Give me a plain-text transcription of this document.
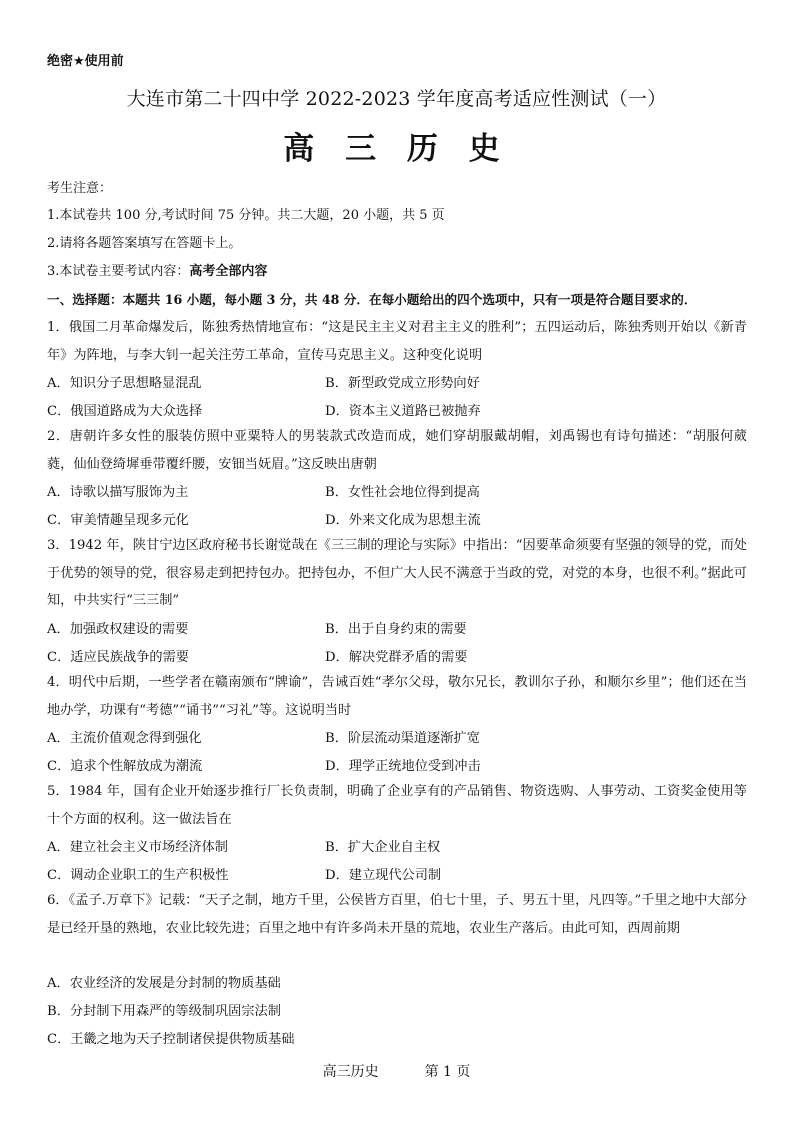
绝密★使用前
大连市第二十四中学 2022-2023 学年度高考适应性测试（一）
高 三 历 史
考生注意：
1.本试卷共 100 分,考试时间 75 分钟。共二大题，20 小题，共 5 页
2.请将各题答案填写在答题卡上。
3.本试卷主要考试内容：高考全部内容
一、选择题：本题共 16 小题，每小题 3 分，共 48 分．在每小题给出的四个选项中，只有一项是符合题目要求的．
1．俄国二月革命爆发后，陈独秀热情地宣布：“这是民主主义对君主主义的胜利”；五四运动后，陈独秀则开始以《新青年》为阵地，与李大钊一起关注劳工革命，宣传马克思主义。这种变化说明
A．知识分子思想略显混乱	B．新型政党成立形势向好
C．俄国道路成为大众选择	D．资本主义道路已被抛弃
2．唐朝许多女性的服装仿照中亚粟特人的男装款式改造而成，她们穿胡服戴胡帽，刘禹锡也有诗句描述：“胡服何葳蕤，仙仙登绮墀垂带覆纤腰，安钿当妩眉。”这反映出唐朝
A．诗歌以描写服饰为主	B．女性社会地位得到提高
C．审美情趣呈现多元化	D．外来文化成为思想主流
3．1942 年，陕甘宁边区政府秘书长谢觉哉在《三三制的理论与实际》中指出：“因要革命须要有坚强的领导的党，而处于优势的领导的党，很容易走到把持包办。把持包办，不但广大人民不满意于当政的党，对党的本身，也很不利。”据此可知，中共实行“三三制”
A．加强政权建设的需要	B．出于自身约束的需要
C．适应民族战争的需要	D．解决党群矛盾的需要
4．明代中后期，一些学者在赣南颁布“牌谕”，告诫百姓“孝尔父母，敬尔兄长，教训尔子孙，和顺尔乡里”；他们还在当地办学，功课有“考德”“诵书”“习礼”等。这说明当时
A．主流价值观念得到强化	B．阶层流动渠道逐渐扩宽
C．追求个性解放成为潮流	D．理学正统地位受到冲击
5．1984 年，国有企业开始逐步推行厂长负责制，明确了企业享有的产品销售、物资选购、人事劳动、工资奖金使用等十个方面的权利。这一做法旨在
A．建立社会主义市场经济体制	B．扩大企业自主权
C．调动企业职工的生产积极性	D．建立现代公司制
6．《孟子.万章下》记载：“天子之制，地方千里，公侯皆方百里，伯七十里，子、男五十里，凡四等。”千里之地中大部分是已经开垦的熟地，农业比较先进；百里之地中有许多尚未开垦的荒地，农业生产落后。由此可知，西周前期
A．农业经济的发展是分封制的物质基础
B．分封制下用森严的等级制巩固宗法制
C．王畿之地为天子控制诸侯提供物质基础
高三历史	第 1 页
